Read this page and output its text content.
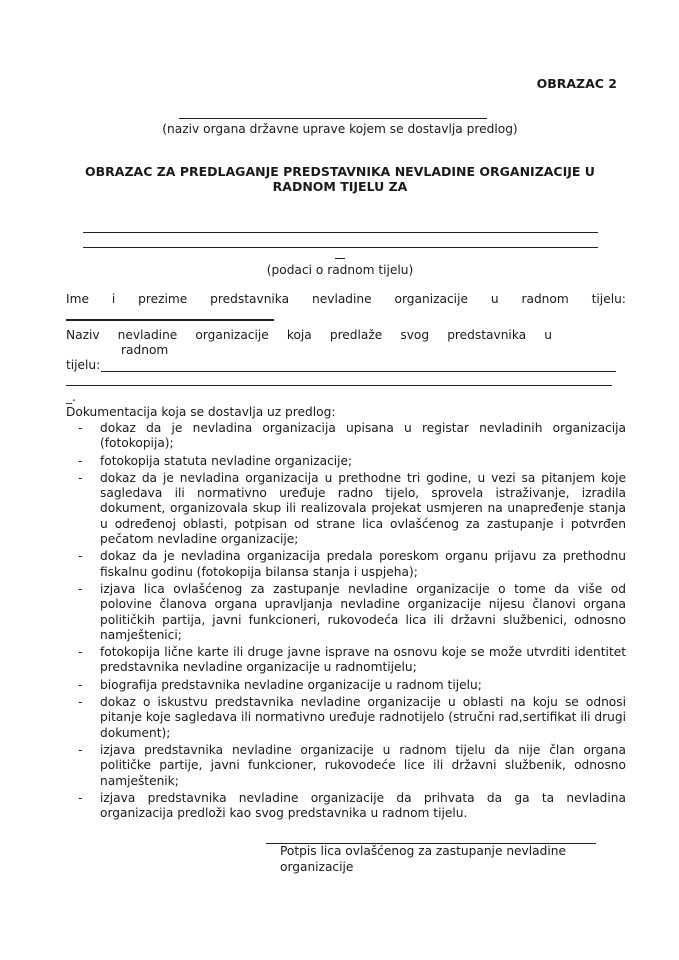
OBRAZAC 2
(naziv organa državne uprave kojem se dostavlja predlog)
OBRAZAC ZA PREDLAGANJE PREDSTAVNIKA NEVLADINE ORGANIZACIJE U
RADNOM TIJELU ZA
(podaci o radnom tijelu)
Ime i prezime predstavnika nevladine organizacije u radnom tijelu:
Naziv nevladine organizacije koja predlaže svog predstavnika u
radnom
tijelu:
_.
Dokumentacija koja se dostavlja uz predlog:
- dokaz da je nevladina organizacija upisana u registar nevladinih organizacija (fotokopija);
- fotokopija statuta nevladine organizacije;
- dokaz da je nevladina organizacija u prethodne tri godine, u vezi sa pitanjem koje sagledava ili normativno uređuje radno tijelo, sprovela istraživanje, izradila dokument, organizovala skup ili realizovala projekat usmjeren na unapređenje stanja u određenoj oblasti, potpisan od strane lica ovlašćenog za zastupanje i potvrđen pečatom nevladine organizacije;
- dokaz da je nevladina organizacija predala poreskom organu prijavu za prethodnu fiskalnu godinu (fotokopija bilansa stanja i uspjeha);
- izjava lica ovlašćenog za zastupanje nevladine organizacije o tome da više od polovine članova organa upravljanja nevladine organizacije nijesu članovi organa političkih partija, javni funkcioneri, rukovodeća lica ili državni službenici, odnosno namještenici;
- fotokopija lične karte ili druge javne isprave na osnovu koje se može utvrditi identitet predstavnika nevladine organizacije u radnomtijelu;
- biografija predstavnika nevladine organizacije u radnom tijelu;
- dokaz o iskustvu predstavnika nevladine organizacije u oblasti na koju se odnosi pitanje koje sagledava ili normativno uređuje radnotijelo (stručni rad,sertifikat ili drugi dokument);
- izjava predstavnika nevladine organizacije u radnom tijelu da nije član organa političke partije, javni funkcioner, rukovodeće lice ili državni službenik, odnosno namještenik;
- izjava predstavnika nevladine organizacije da prihvata da ga ta nevladina organizacija predloži kao svog predstavnika u radnom tijelu.
Potpis lica ovlašćenog za zastupanje nevladine organizacije
